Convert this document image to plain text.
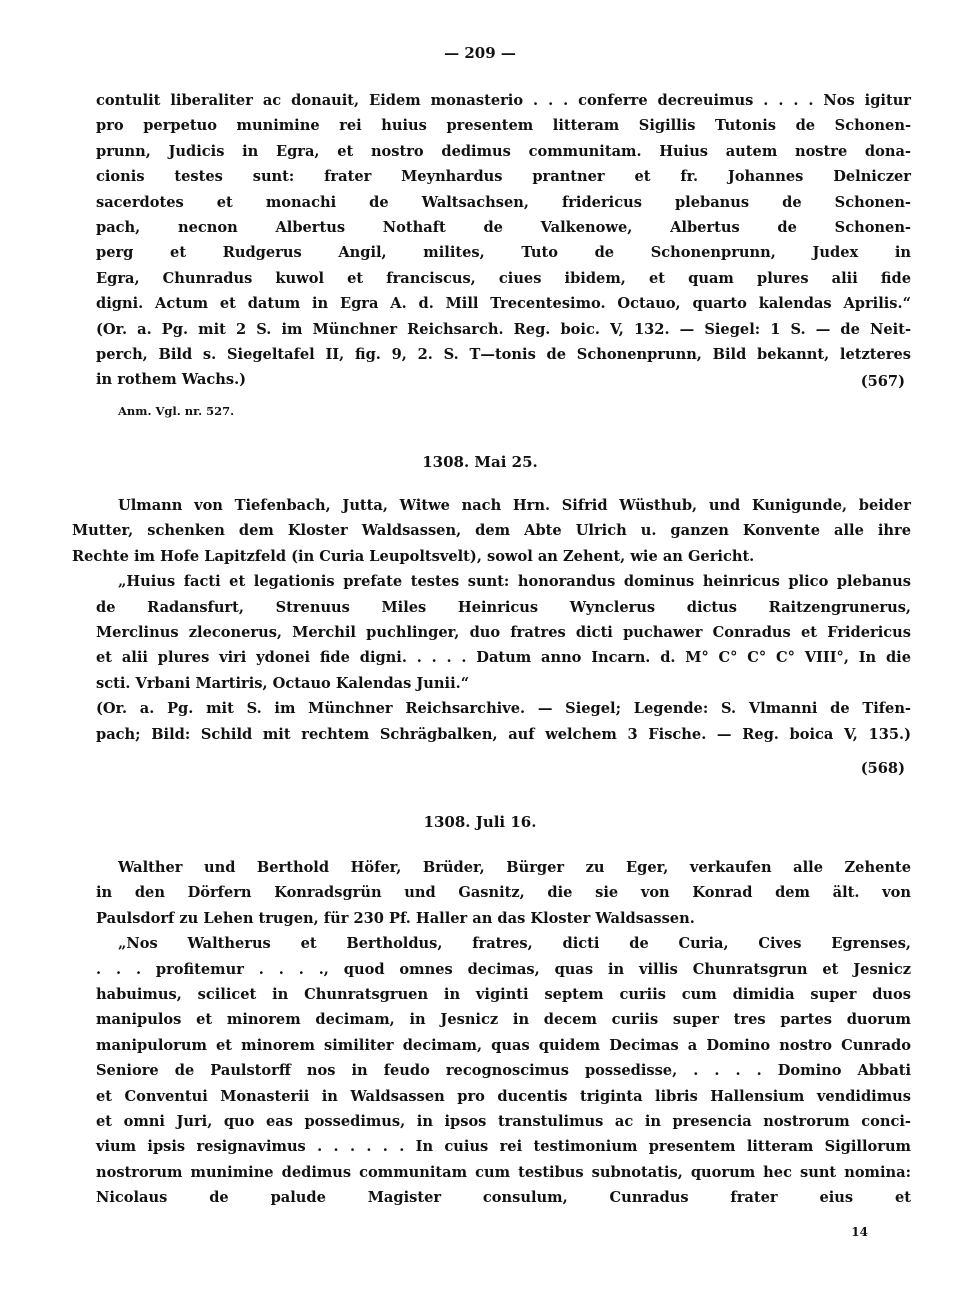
— 209 —
contulit liberaliter ac donauit, Eidem monasterio . . . conferre decreuimus . . . . Nos igitur
pro perpetuo munimine rei huius presentem litteram Sigillis Tutonis de Schonen-
prunn, Judicis in Egra, et nostro dedimus communitam. Huius autem nostre dona-
cionis testes sunt: frater Meynhardus prantner et fr. Johannes Delniczer
sacerdotes et monachi de Waltsachsen, fridericus plebanus de Schonen-
pach, necnon Albertus Nothaft de Valkenowe, Albertus de Schonen-
perg et Rudgerus Angil, milites, Tuto de Schonenprunn, Judex in
Egra, Chunradus kuwol et franciscus, ciues ibidem, et quam plures alii fide
digni. Actum et datum in Egra A. d. Mill Trecentesimo. Octauo, quarto kalendas Aprilis.“
(Or. a. Pg. mit 2 S. im Münchner Reichsarch. Reg. boic. V, 132. — Siegel: 1 S. — de Neit-
perch, Bild s. Siegeltafel II, fig. 9, 2. S. T—tonis de Schonenprunn, Bild bekannt, letzteres
in rothem Wachs.)	(567)
Anm. Vgl. nr. 527.
1308. Mai 25.
Ulmann von Tiefenbach, Jutta, Witwe nach Hrn. Sifrid Wüsthub, und Kunigunde, beider
Mutter, schenken dem Kloster Waldsassen, dem Abte Ulrich u. ganzen Konvente alle ihre
Rechte im Hofe Lapitzfeld (in Curia Leupoltsvelt), sowol an Zehent, wie an Gericht.
„Huius facti et legationis prefate testes sunt: honorandus dominus heinricus plico plebanus
de Radansfurt, Strenuus Miles Heinricus Wynclerus dictus Raitzengrunerus,
Merclinus zleconerus, Merchil puchlinger, duo fratres dicti puchawer Conradus et Fridericus
et alii plures viri ydonei fide digni. . . . . Datum anno Incarn. d. M° C° C° C° VIII°, In die
scti. Vrbani Martiris, Octauo Kalendas Junii.“
(Or. a. Pg. mit S. im Münchner Reichsarchive. — Siegel; Legende: S. Vlmanni de Tifen-
pach; Bild: Schild mit rechtem Schrägbalken, auf welchem 3 Fische. — Reg. boica V, 135.)
(568)
1308. Juli 16.
Walther und Berthold Höfer, Brüder, Bürger zu Eger, verkaufen alle Zehente
in den Dörfern Konradsgrün und Gasnitz, die sie von Konrad dem ält. von
Paulsdorf zu Lehen trugen, für 230 Pf. Haller an das Kloster Waldsassen.
„Nos Waltherus et Bertholdus, fratres, dicti de Curia, Cives Egrenses,
. . . profitemur . . . ., quod omnes decimas, quas in villis Chunratsgrun et Jesnicz
habuimus, scilicet in Chunratsgruen in viginti septem curiis cum dimidia super duos
manipulos et minorem decimam, in Jesnicz in decem curiis super tres partes duorum
manipulorum et minorem similiter decimam, quas quidem Decimas a Domino nostro Cunrado
Seniore de Paulstorff nos in feudo recognoscimus possedisse, . . . . Domino Abbati
et Conventui Monasterii in Waldsassen pro ducentis triginta libris Hallensium vendidimus
et omni Juri, quo eas possedimus, in ipsos transtulimus ac in presencia nostrorum conci-
vium ipsis resignavimus . . . . . . In cuius rei testimonium presentem litteram Sigillorum
nostrorum munimine dedimus communitam cum testibus subnotatis, quorum hec sunt nomina:
Nicolaus de palude Magister consulum, Cunradus frater eius et
14
